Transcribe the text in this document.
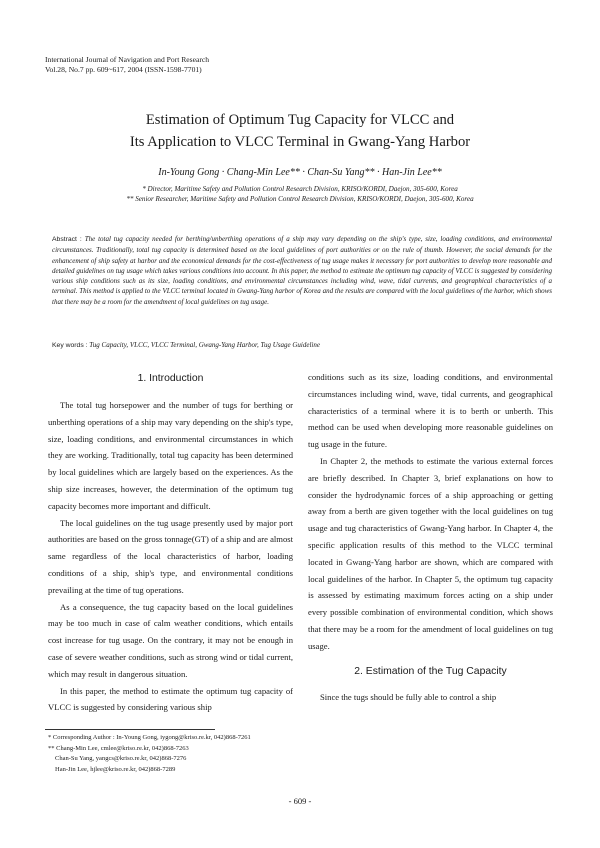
International Journal of Navigation and Port Research
Vol.28, No.7 pp. 609~617, 2004 (ISSN-1598-7701)
Estimation of Optimum Tug Capacity for VLCC and
Its Application to VLCC Terminal in Gwang-Yang Harbor
In-Young Gong · Chang-Min Lee** · Chan-Su Yang** · Han-Jin Lee**
* Director, Maritime Safety and Pollution Control Research Division, KRISO/KORDI, Daejon, 305-600, Korea
** Senior Researcher, Maritime Safety and Pollution Control Research Division, KRISO/KORDI, Daejon, 305-600, Korea
Abstract : The total tug capacity needed for berthing/unberthing operations of a ship may vary depending on the ship's type, size, loading conditions, and environmental circumstances. Traditionally, total tug capacity is determined based on the local guidelines of port authorities or on the rule of thumb. However, the social demands for the enhancement of ship safety at harbor and the economical demands for the cost-effectiveness of tug usage makes it necessary for port authorities to develop more reasonable and detailed guidelines on tug usage which takes various conditions into account. In this paper, the method to estimate the optimum tug capacity of VLCC is suggested by considering various ship conditions such as its size, loading conditions, and environmental circumstances including wind, wave, tidal currents, and geographical characteristics of a terminal. This method is applied to the VLCC terminal located in Gwang-Yang harbor of Korea and the results are compared with the local guidelines of the harbor, which shows that there may be a room for the amendment of local guidelines on tug usage.
Key words : Tug Capacity, VLCC, VLCC Terminal, Gwang-Yang Harbor, Tug Usage Guideline
1. Introduction

The total tug horsepower and the number of tugs for berthing or unberthing operations of a ship may vary depending on the ship's type, size, loading conditions, and environmental circumstances in which they are working. Traditionally, total tug capacity has been determined by local guidelines which are largely based on the experiences. As the ship size increases, however, the determination of the optimum tug capacity becomes more important and difficult.

The local guidelines on the tug usage presently used by major port authorities are based on the gross tonnage(GT) of a ship and are almost same regardless of the local characteristics of harbor, loading conditions of a ship, ship's type, and environmental conditions prevailing at the time of tug operations.

As a consequence, the tug capacity based on the local guidelines may be too much in case of calm weather conditions, which entails cost increase for tug usage. On the contrary, it may not be enough in case of severe weather conditions, such as strong wind or tidal current, which may result in dangerous situation.

In this paper, the method to estimate the optimum tug capacity of VLCC is suggested by considering various ship

conditions such as its size, loading conditions, and environmental circumstances including wind, wave, tidal currents, and geographical characteristics of a terminal where it is to berth or unberth. This method can be used when developing more reasonable guidelines on tug usage in the future.

In Chapter 2, the methods to estimate the various external forces are briefly described. In Chapter 3, brief explanations on how to consider the hydrodynamic forces of a ship approaching or getting away from a berth are given together with the local guidelines on tug usage and tug characteristics of Gwang-Yang harbor. In Chapter 4, the specific application results of this method to the VLCC terminal located in Gwang-Yang harbor are shown, which are compared with local guidelines of the harbor. In Chapter 5, the optimum tug capacity is assessed by estimating maximum forces acting on a ship under every possible combination of environmental condition, which shows that there may be a room for the amendment of local guidelines on tug usage.

2. Estimation of the Tug Capacity

Since the tugs should be fully able to control a ship

* Corresponding Author : In-Young Gong, iygong@kriso.re.kr, 042)868-7261
** Chang-Min Lee, cmlee@kriso.re.kr, 042)868-7263
Chan-Su Yang, yangcs@kriso.re.kr, 042)868-7276
Han-Jin Lee, hjlee@kriso.re.kr, 042)868-7289
- 609 -
